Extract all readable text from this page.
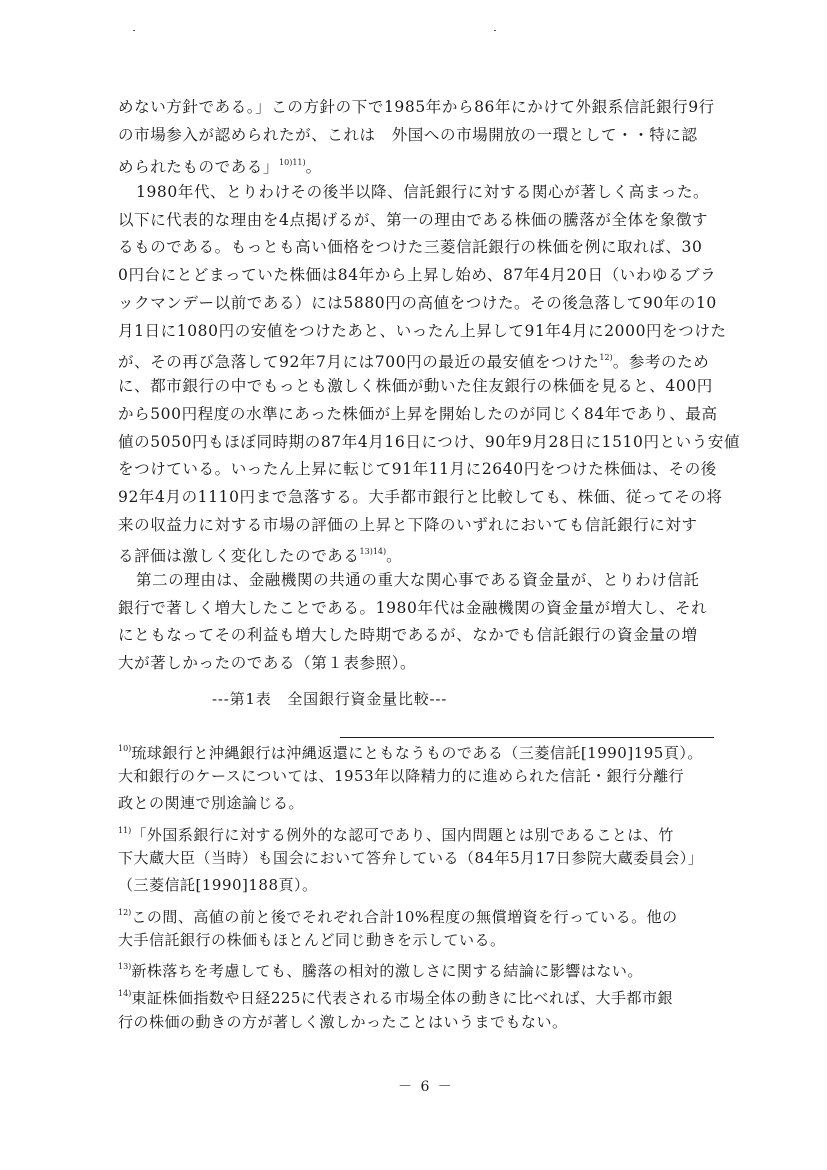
めない方針である。」この方針の下で1985年から86年にかけて外銀系信託銀行9行
の市場参入が認められたが、これは　外国への市場開放の一環として・・特に認
められたものである」$^{10)11)}$。
1980年代、とりわけその後半以降、信託銀行に対する関心が著しく高まった。
以下に代表的な理由を4点掲げるが、第一の理由である株価の騰落が全体を象徴す
るものである。もっとも高い価格をつけた三菱信託銀行の株価を例に取れば、30
0円台にとどまっていた株価は84年から上昇し始め、87年4月20日（いわゆるブラ
ックマンデー以前である）には5880円の高値をつけた。その後急落して90年の10
月1日に1080円の安値をつけたあと、いったん上昇して91年4月に2000円をつけた
が、その再び急落して92年7月には700円の最近の最安値をつけた$^{12)}$。参考のため
に、都市銀行の中でもっとも激しく株価が動いた住友銀行の株価を見ると、400円
から500円程度の水準にあった株価が上昇を開始したのが同じく84年であり、最高
値の5050円もほぼ同時期の87年4月16日につけ、90年9月28日に1510円という安値
をつけている。いったん上昇に転じて91年11月に2640円をつけた株価は、その後
92年4月の1110円まで急落する。大手都市銀行と比較しても、株価、従ってその将
来の収益力に対する市場の評価の上昇と下降のいずれにおいても信託銀行に対す
る評価は激しく変化したのである$^{13)14)}$。
第二の理由は、金融機関の共通の重大な関心事である資金量が、とりわけ信託
銀行で著しく増大したことである。1980年代は金融機関の資金量が増大し、それ
にともなってその利益も増大した時期であるが、なかでも信託銀行の資金量の増
大が著しかったのである（第１表参照）。
---第1表　全国銀行資金量比較---
$^{10)}$琉球銀行と沖縄銀行は沖縄返還にともなうものである（三菱信託[1990]195頁）。
大和銀行のケースについては、1953年以降精力的に進められた信託・銀行分離行
政との関連で別途論じる。
$^{11)}$「外国系銀行に対する例外的な認可であり、国内問題とは別であることは、竹
下大蔵大臣（当時）も国会において答弁している（84年5月17日参院大蔵委員会）」
（三菱信託[1990]188頁）。
$^{12)}$この間、高値の前と後でそれぞれ合計10%程度の無償増資を行っている。他の
大手信託銀行の株価もほとんど同じ動きを示している。
$^{13)}$新株落ちを考慮しても、騰落の相対的激しさに関する結論に影響はない。
$^{14)}$東証株価指数や日経225に代表される市場全体の動きに比べれば、大手都市銀
行の株価の動きの方が著しく激しかったことはいうまでもない。
－ 6 －
